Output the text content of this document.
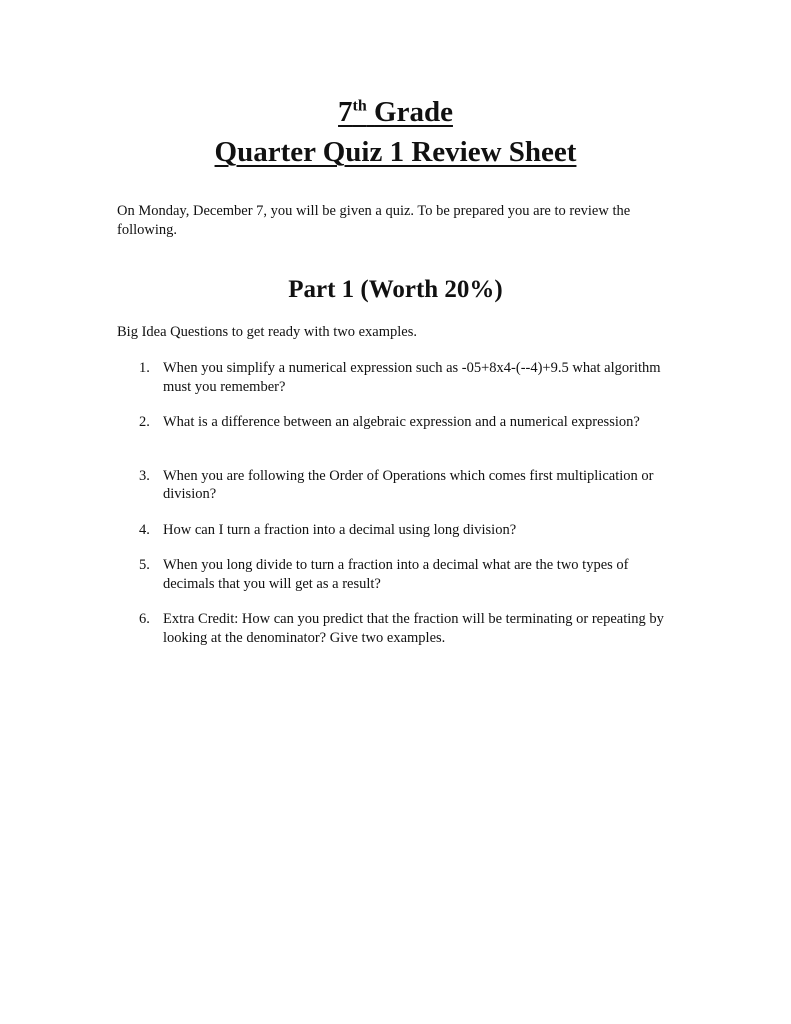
7th Grade
Quarter Quiz 1 Review Sheet

On Monday, December 7, you will be given a quiz. To be prepared you are to review the following.

Part 1 (Worth 20%)

Big Idea Questions to get ready with two examples.

1. When you simplify a numerical expression such as -05+8x4-(--4)+9.5 what algorithm must you remember?
2. What is a difference between an algebraic expression and a numerical expression?
3. When you are following the Order of Operations which comes first multiplication or division?
4. How can I turn a fraction into a decimal using long division?
5. When you long divide to turn a fraction into a decimal what are the two types of decimals that you will get as a result?
6. Extra Credit: How can you predict that the fraction will be terminating or repeating by looking at the denominator? Give two examples.
